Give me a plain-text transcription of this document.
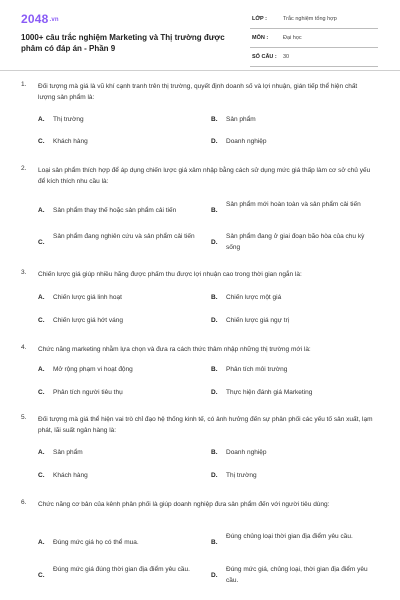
2048.vn
1000+ câu trắc nghiệm Marketing và Thị trường được phâm có đáp án - Phần 9
LỚP :	Trắc nghiệm tổng hợp
MÔN :	Đại học
SỐ CÂU : 30
1. Đối tượng mà giá là vũ khí cạnh tranh trên thị trường, quyết định doanh số và lợi nhuận, gián tiếp thể hiện chất lượng sản phẩm là:
A. Thị trường	B. Sản phẩm
C. Khách hàng	D. Doanh nghiệp
2. Loại sản phẩm thích hợp để áp dụng chiến lược giá xâm nhập bằng cách sử dụng mức giá thấp làm cơ sở chủ yếu để kích thích nhu cầu là:
A. Sản phẩm thay thế hoặc sản phẩm cải tiến	B.
Sản phẩm mới hoàn toàn và sản phẩm cải tiến
C.
Sản phẩm đang nghiên cứu và sản phẩm cải tiến
D.
Sản phẩm đang ở giai đoạn bão hòa của chu kỳ sống
3. Chiến lược giá giúp nhiều hãng được phấm thu được lợi nhuận cao trong thời gian ngắn là:
A. Chiến lược giá linh hoạt	B. Chiến lược một giá
C. Chiến lược giá hớt váng	D. Chiến lược giá ngự trị
4. Chức năng marketing nhằm lựa chọn và đưa ra cách thức thâm nhập những thị trường mới là:
A. Mở rộng phạm vi hoạt động	B. Phân tích môi trường
C. Phân tích người tiêu thụ	D. Thực hiện đánh giá Marketing
5. Đối tượng mà giá thể hiện vai trò chỉ đạo hệ thống kinh tế, có ảnh hưởng đến sự phân phối các yếu tố sản xuất, lạm phát, lãi suất ngân hàng là:
A. Sản phẩm	B. Doanh nghiệp
C. Khách hàng	D. Thị trường
6. Chức năng cơ bản của kênh phân phối là giúp doanh nghiệp đưa sản phẩm đến với người tiêu dùng:
A. Đúng mức giá họ có thể mua.	B.
Đúng chủng loại thời gian địa điểm yêu cầu.
C.
Đúng mức giá đúng thời gian địa điểm yêu cầu.
D.
Đúng mức giá, chủng loại, thời gian địa điểm yêu cầu.
